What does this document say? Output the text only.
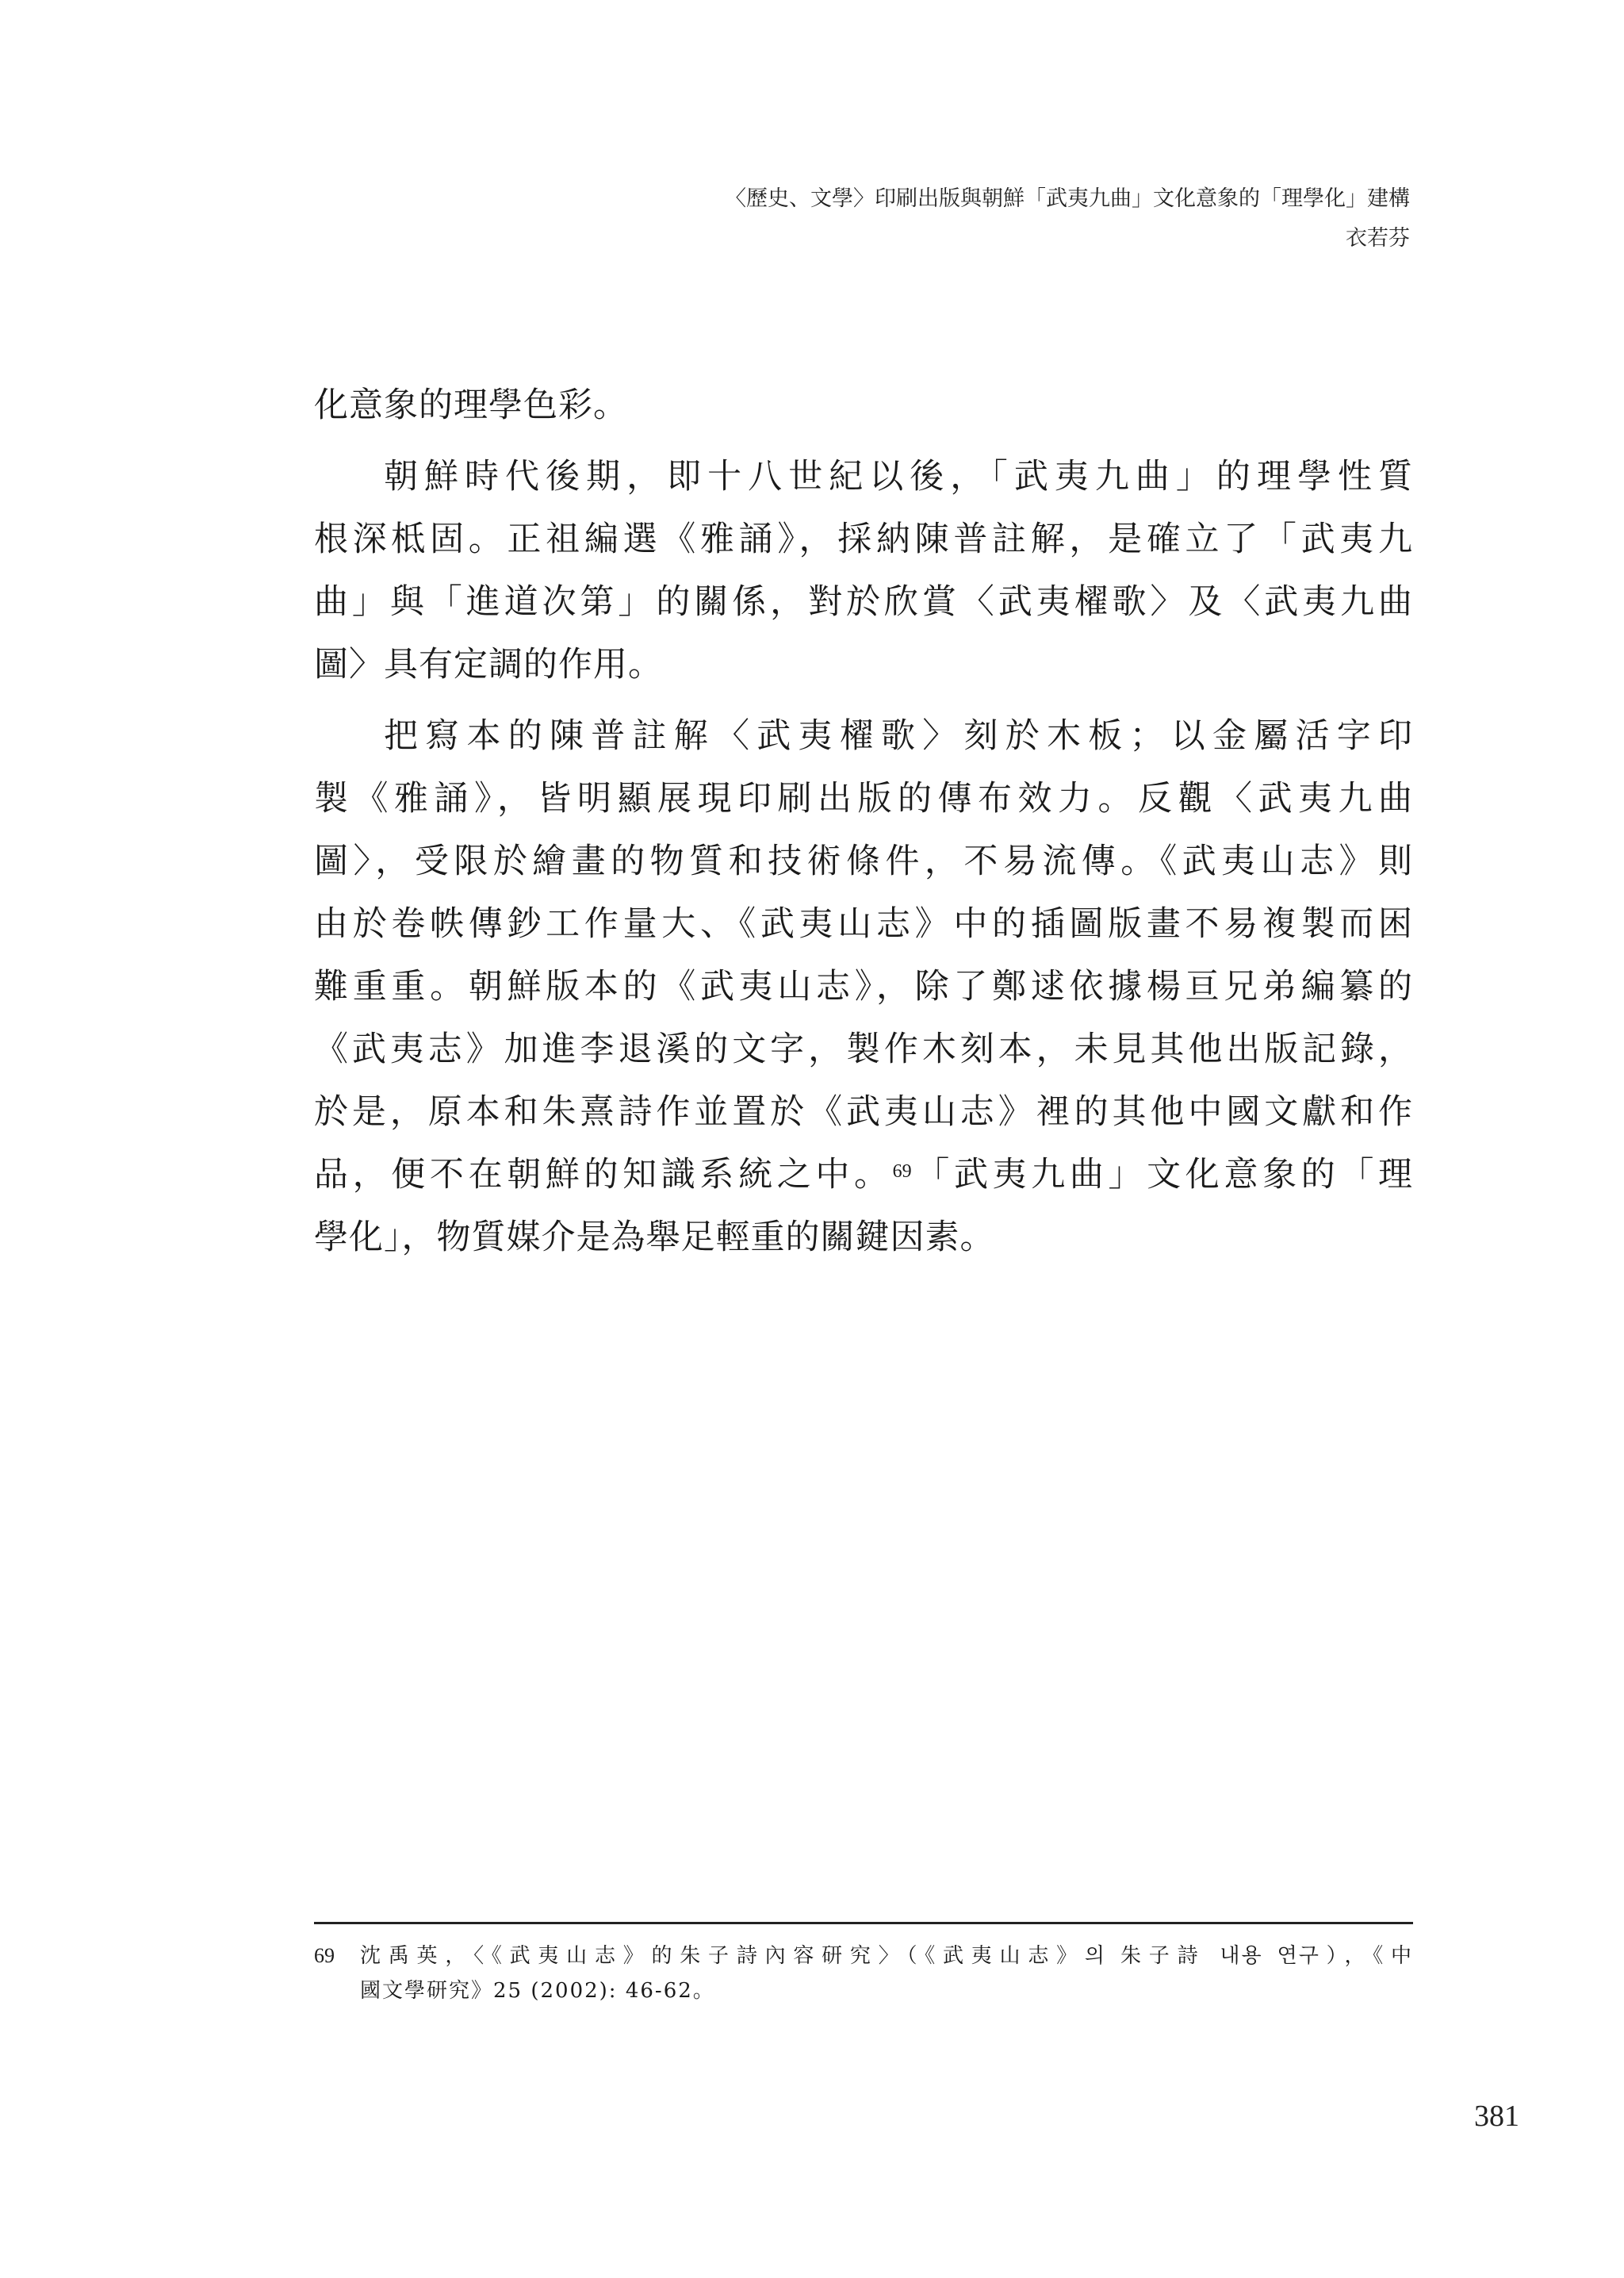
〈歷史、文學〉印刷出版與朝鮮「武夷九曲」文化意象的「理學化」建構
衣若芬
化意象的理學色彩。
朝鮮時代後期，即十八世紀以後，「武夷九曲」的理學性質
根深柢固。正祖編選《雅誦》，採納陳普註解，是確立了「武夷九
曲」與「進道次第」的關係，對於欣賞〈武夷櫂歌〉及〈武夷九曲
圖〉具有定調的作用。
把寫本的陳普註解〈武夷櫂歌〉刻於木板；以金屬活字印
製《雅誦》，皆明顯展現印刷出版的傳布效力。反觀〈武夷九曲
圖〉，受限於繪畫的物質和技術條件，不易流傳。《武夷山志》則
由於卷帙傳鈔工作量大、《武夷山志》中的插圖版畫不易複製而困
難重重。朝鮮版本的《武夷山志》，除了鄭逑依據楊亘兄弟編纂的
《武夷志》加進李退溪的文字，製作木刻本，未見其他出版記錄，
於是，原本和朱熹詩作並置於《武夷山志》裡的其他中國文獻和作
品，便不在朝鮮的知識系統之中。$^{69}$「武夷九曲」文化意象的「理
學化」，物質媒介是為舉足輕重的關鍵因素。
69 沈禹英，〈《武夷山志》的朱子詩內容研究〉（《武夷山志》의 朱子詩 내용 연구），《中
國文學研究》25 (2002): 46-62。
381
